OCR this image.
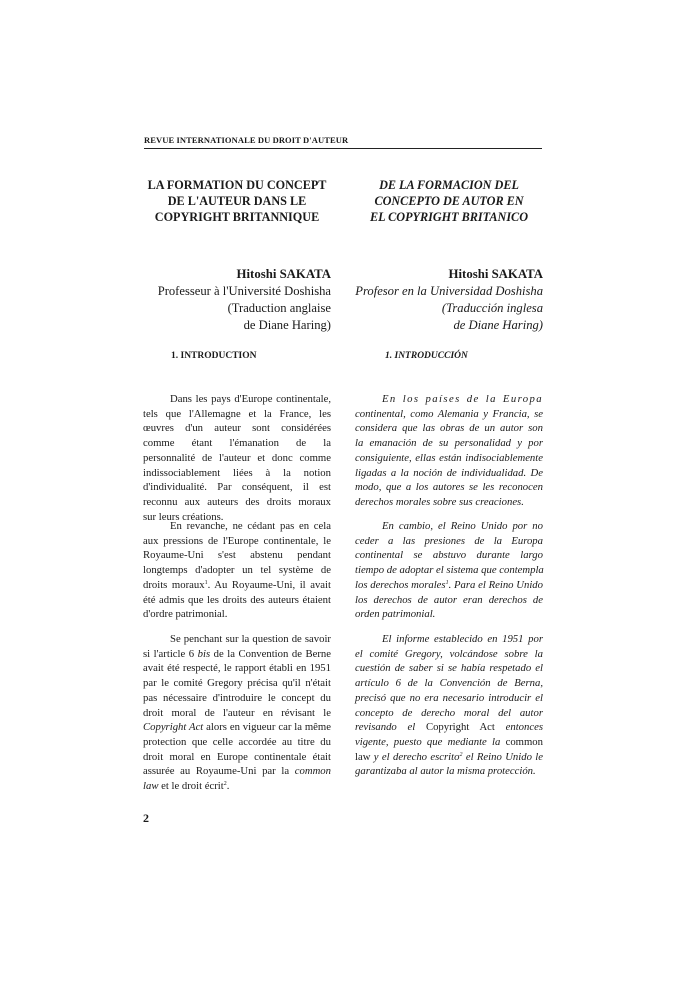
REVUE INTERNATIONALE DU DROIT D'AUTEUR
LA FORMATION DU CONCEPT
DE L'AUTEUR DANS LE
COPYRIGHT BRITANNIQUE
Hitoshi SAKATA
Professeur à l'Université Doshisha
(Traduction anglaise
de Diane Haring)
1. INTRODUCTION
Dans les pays d'Europe continentale,
tels que l'Allemagne et la France, les
œuvres d'un auteur sont considérées
comme étant l'émanation de la
personnalité de l'auteur et donc comme
indissociablement liées à la notion
d'individualité. Par conséquent, il est
reconnu aux auteurs des droits moraux
sur leurs créations.
En revanche, ne cédant pas en cela
aux pressions de l'Europe continentale, le
Royaume-Uni s'est abstenu pendant
longtemps d'adopter un tel système de
droits moraux$^1$. Au Royaume-Uni, il avait
été admis que les droits des auteurs étaient
d'ordre patrimonial.
Se penchant sur la question de savoir
si l'article 6 bis de la Convention de Berne
avait été respecté, le rapport établi en 1951
par le comité Gregory précisa qu'il n'était
pas nécessaire d'introduire le concept du
droit moral de l'auteur en révisant le
Copyright Act alors en vigueur car la même
protection que celle accordée au titre du
droit moral en Europe continentale était
assurée au Royaume-Uni par la common
law et le droit écrit$^2$.
DE LA FORMACION DEL
CONCEPTO DE AUTOR EN
EL COPYRIGHT BRITANICO
Hitoshi SAKATA
Profesor en la Universidad Doshisha
(Traducción inglesa
de Diane Haring)
1. INTRODUCCIÓN
En los países de la Europa
continental, como Alemania y Francia, se
considera que las obras de un autor son
la emanación de su personalidad y por
consiguiente, ellas están indisociablemente
ligadas a la noción de individualidad. De
modo, que a los autores se les reconocen
derechos morales sobre sus creaciones.
En cambio, el Reino Unido por no
ceder a las presiones de la Europa
continental se abstuvo durante largo
tiempo de adoptar el sistema que contempla
los derechos morales$^1$. Para el Reino Unido
los derechos de autor eran derechos de
orden patrimonial.
El informe establecido en 1951 por
el comité Gregory, volcándose sobre la
cuestión de saber si se había respetado el
artículo 6 de la Convención de Berna,
precisó que no era necesario introducir el
concepto de derecho moral del autor
revisando el Copyright Act entonces
vigente, puesto que mediante la common
law y el derecho escrito$^2$ el Reino Unido le
garantizaba al autor la misma protección.
2
